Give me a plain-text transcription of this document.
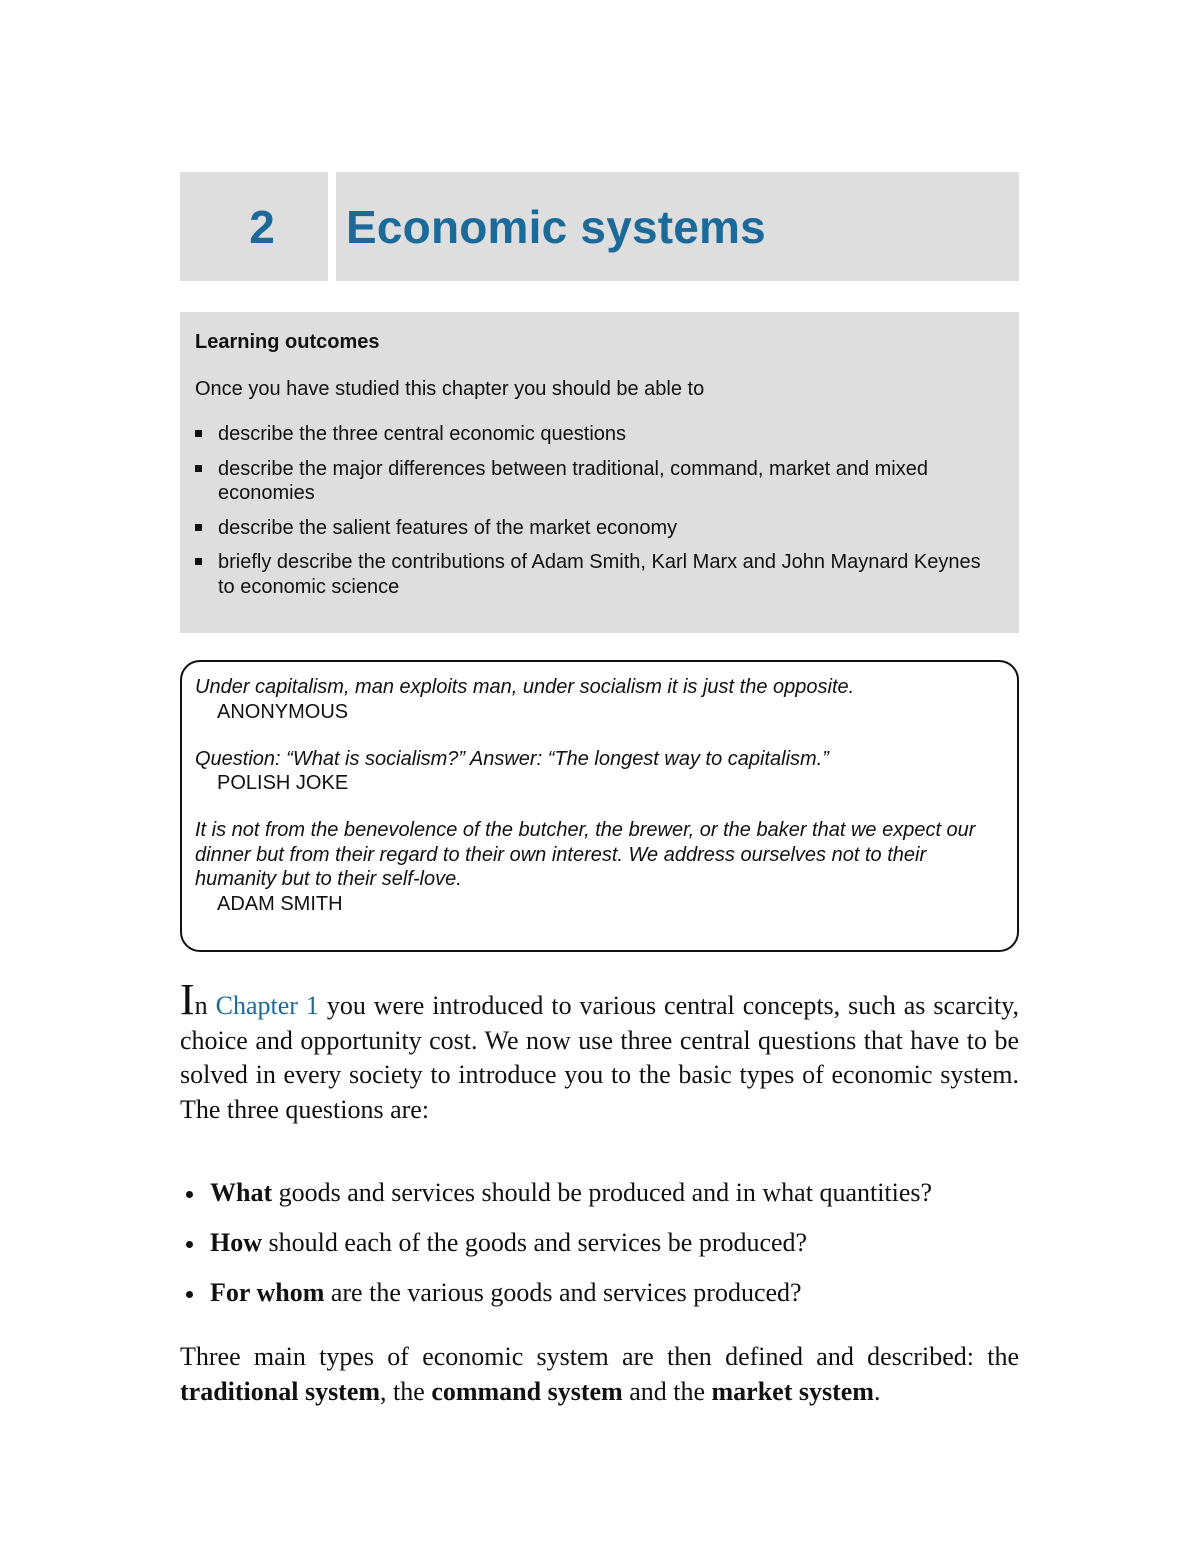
2 Economic systems

Learning outcomes

Once you have studied this chapter you should be able to

describe the three central economic questions
describe the major differences between traditional, command, market and mixed economies
describe the salient features of the market economy
briefly describe the contributions of Adam Smith, Karl Marx and John Maynard Keynes to economic science

Under capitalism, man exploits man, under socialism it is just the opposite.

ANONYMOUS

Question: “What is socialism?” Answer: “The longest way to capitalism.”

POLISH JOKE

It is not from the benevolence of the butcher, the brewer, or the baker that we expect our dinner but from their regard to their own interest. We address ourselves not to their humanity but to their self-love.

ADAM SMITH

In Chapter 1 you were introduced to various central concepts, such as scarcity, choice and opportunity cost. We now use three central questions that have to be solved in every society to introduce you to the basic types of economic system. The three questions are:

What goods and services should be produced and in what quantities?
How should each of the goods and services be produced?
For whom are the various goods and services produced?

Three main types of economic system are then defined and described: the traditional system, the command system and the market system.
